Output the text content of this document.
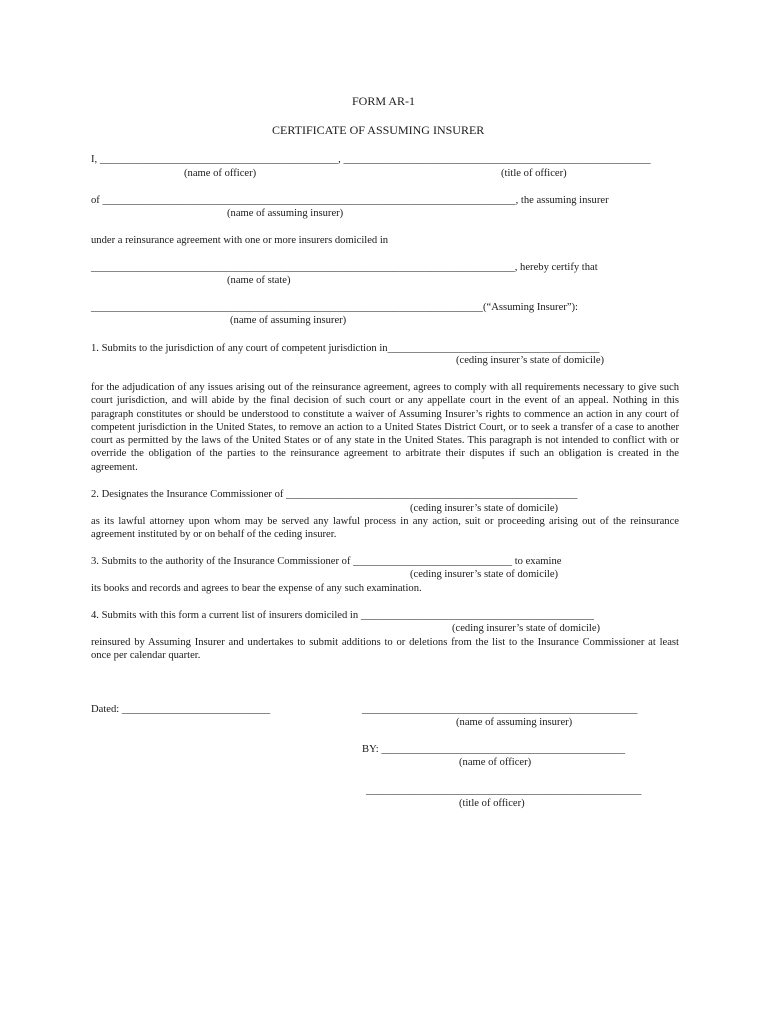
FORM AR-1
CERTIFICATE OF ASSUMING INSURER
I, _____________________________________________, __________________________________________________________
(name of officer)	(title of officer)
of ______________________________________________________________________________, the assuming insurer
(name of assuming insurer)
under a reinsurance agreement with one or more insurers domiciled in
________________________________________________________________________________, hereby certify that
(name of state)
__________________________________________________________________________(“Assuming Insurer”):
(name of assuming insurer)
1. Submits to the jurisdiction of any court of competent jurisdiction in________________________________________
(ceding insurer’s state of domicile)
for the adjudication of any issues arising out of the reinsurance agreement, agrees to comply with all requirements necessary to give such court jurisdiction, and will abide by the final decision of such court or any appellate court in the event of an appeal. Nothing in this paragraph constitutes or should be understood to constitute a waiver of Assuming Insurer’s rights to commence an action in any court of competent jurisdiction in the United States, to remove an action to a United States District Court, or to seek a transfer of a case to another court as permitted by the laws of the United States or of any state in the United States. This paragraph is not intended to conflict with or override the obligation of the parties to the reinsurance agreement to arbitrate their disputes if such an obligation is created in the agreement.
2. Designates the Insurance Commissioner of _______________________________________________________
(ceding insurer’s state of domicile)
as its lawful attorney upon whom may be served any lawful process in any action, suit or proceeding arising out of the reinsurance agreement instituted by or on behalf of the ceding insurer.
3. Submits to the authority of the Insurance Commissioner of ______________________________ to examine
(ceding insurer’s state of domicile)
its books and records and agrees to bear the expense of any such examination.
4. Submits with this form a current list of insurers domiciled in ____________________________________________
(ceding insurer’s state of domicile)
reinsured by Assuming Insurer and undertakes to submit additions to or deletions from the list to the Insurance Commissioner at least once per calendar quarter.
Dated: ____________________________	____________________________________________________
(name of assuming insurer)
BY: ______________________________________________
(name of officer)
____________________________________________________
(title of officer)
